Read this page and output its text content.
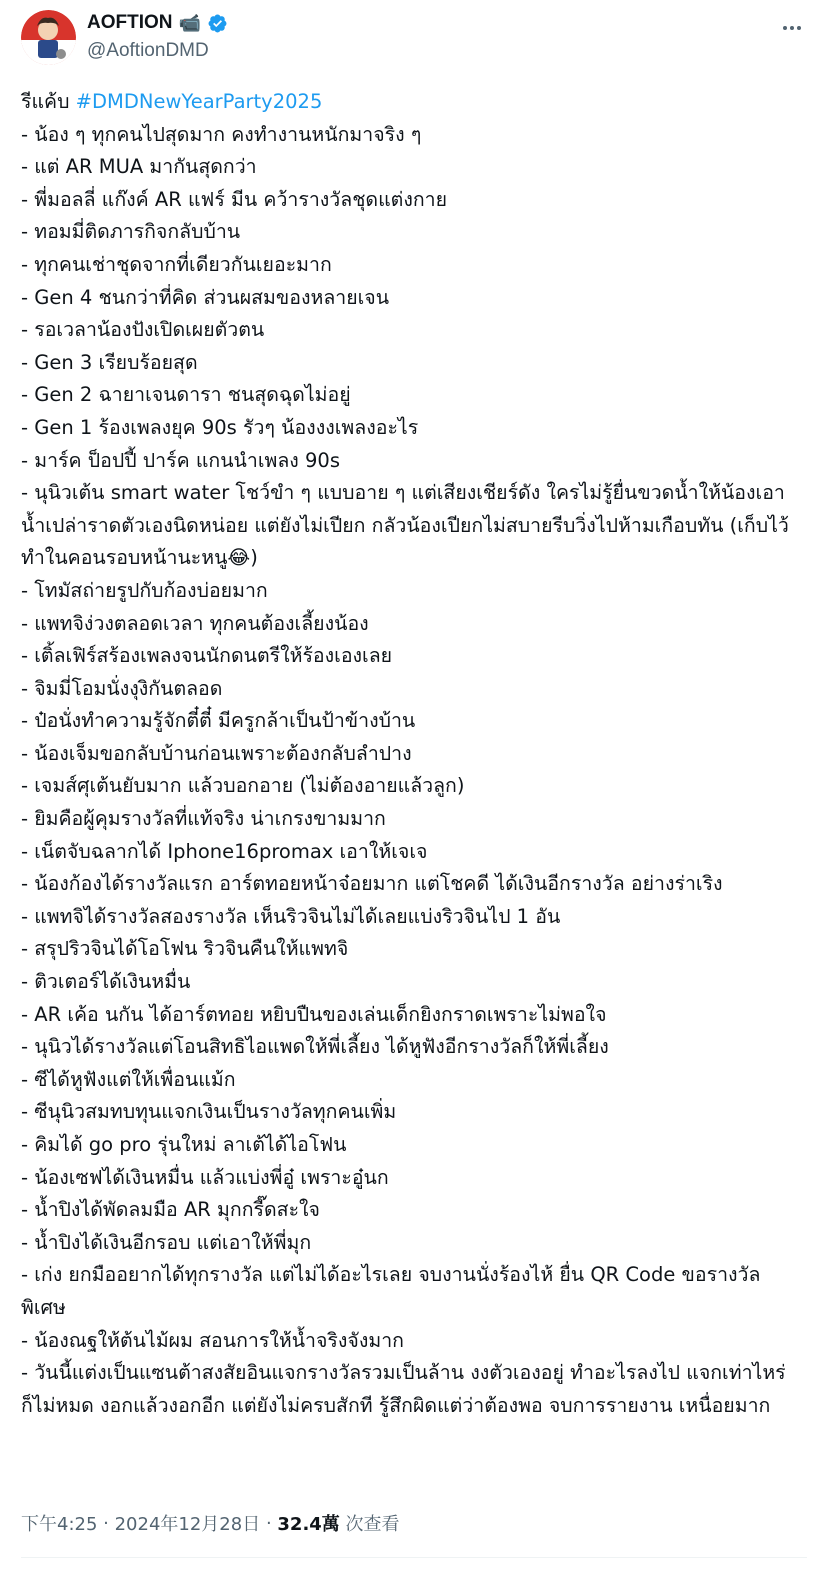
AOFTION 📹
@AoftionDMD
รีแค้บ #DMDNewYearParty2025
- น้อง ๆ ทุกคนไปสุดมาก คงทำงานหนักมาจริง ๆ
- แต่ AR MUA มากันสุดกว่า
- พี่มอลลี่ แก๊งค์ AR แฟร์ มีน คว้ารางวัลชุดแต่งกาย
- ทอมมี่ติดภารกิจกลับบ้าน
- ทุกคนเช่าชุดจากที่เดียวกันเยอะมาก
- Gen 4 ชนกว่าที่คิด ส่วนผสมของหลายเจน
- รอเวลาน้องปังเปิดเผยตัวตน
- Gen 3 เรียบร้อยสุด
- Gen 2 ฉายาเจนดารา ชนสุดฉุดไม่อยู่
- Gen 1 ร้องเพลงยุค 90s รัวๆ น้องงงเพลงอะไร
- มาร์ค ป็อปปี้ ปาร์ค แกนนำเพลง 90s
- นุนิวเต้น smart water โชว์ขำ ๆ แบบอาย ๆ แต่เสียงเชียร์ดัง ใครไม่รู้ยื่นขวดน้ำให้น้องเอาน้ำเปล่าราดตัวเองนิดหน่อย แต่ยังไม่เปียก กลัวน้องเปียกไม่สบายรีบวิ่งไปห้ามเกือบทัน (เก็บไว้ทำในคอนรอบหน้านะหนู😂)
- โทมัสถ่ายรูปกับก้องบ่อยมาก
- แพทจิง่วงตลอดเวลา ทุกคนต้องเลี้ยงน้อง
- เติ้ลเฟิร์สร้องเพลงจนนักดนตรีให้ร้องเองเลย
- จิมมี่โอมนั่งงุงิกันตลอด
- ป๋อนั่งทำความรู้จักตี๋ตี๋ มีครูกล้าเป็นป้าข้างบ้าน
- น้องเจ็มขอกลับบ้านก่อนเพราะต้องกลับลำปาง
- เจมส์ศุเต้นยับมาก แล้วบอกอาย (ไม่ต้องอายแล้วลูก)
- ยิมคือผู้คุมรางวัลที่แท้จริง น่าเกรงขามมาก
- เน็ตจับฉลากได้ Iphone16promax เอาให้เจเจ
- น้องก้องได้รางวัลแรก อาร์ตทอยหน้าจ๋อยมาก แต่โชคดี ได้เงินอีกรางวัล อย่างร่าเริง
- แพทจิได้รางวัลสองรางวัล เห็นริวจินไม่ได้เลยแบ่งริวจินไป 1 อัน
- สรุปริวจินได้โอโฟน ริวจินคืนให้แพทจิ
- ติวเตอร์ได้เงินหมื่น
- AR เค้อ นกัน ได้อาร์ตทอย หยิบปืนของเล่นเด็กยิงกราดเพราะไม่พอใจ
- นุนิวได้รางวัลแต่โอนสิทธิไอแพดให้พี่เลี้ยง ได้หูฟังอีกรางวัลก็ให้พี่เลี้ยง
- ซีได้หูฟังแต่ให้เพื่อนแม้ก
- ซีนุนิวสมทบทุนแจกเงินเป็นรางวัลทุกคนเพิ่ม
- คิมได้ go pro รุ่นใหม่ ลาเต้ได้ไอโฟน
- น้องเซฟได้เงินหมื่น แล้วแบ่งพี่อู๋ เพราะอู๋นก
- น้ำปิงได้พัดลมมือ AR มุกกรี๊ดสะใจ
- น้ำปิงได้เงินอีกรอบ แต่เอาให้พี่มุก
- เก่ง ยกมืออยากได้ทุกรางวัล แต่ไม่ได้อะไรเลย จบงานนั่งร้องไห้ ยื่น QR Code ขอรางวัลพิเศษ
- น้องณฐให้ต้นไม้ผม สอนการให้น้ำจริงจังมาก
- วันนี้แต่งเป็นแซนต้าสงสัยอินแจกรางวัลรวมเป็นล้าน งงตัวเองอยู่ ทำอะไรลงไป แจกเท่าไหร่ก็ไม่หมด งอกแล้วงอกอีก แต่ยังไม่ครบสักที รู้สึกผิดแต่ว่าต้องพอ จบการรายงาน เหนื่อยมาก
下午4:25 · 2024年12月28日 · 32.4萬 次查看
